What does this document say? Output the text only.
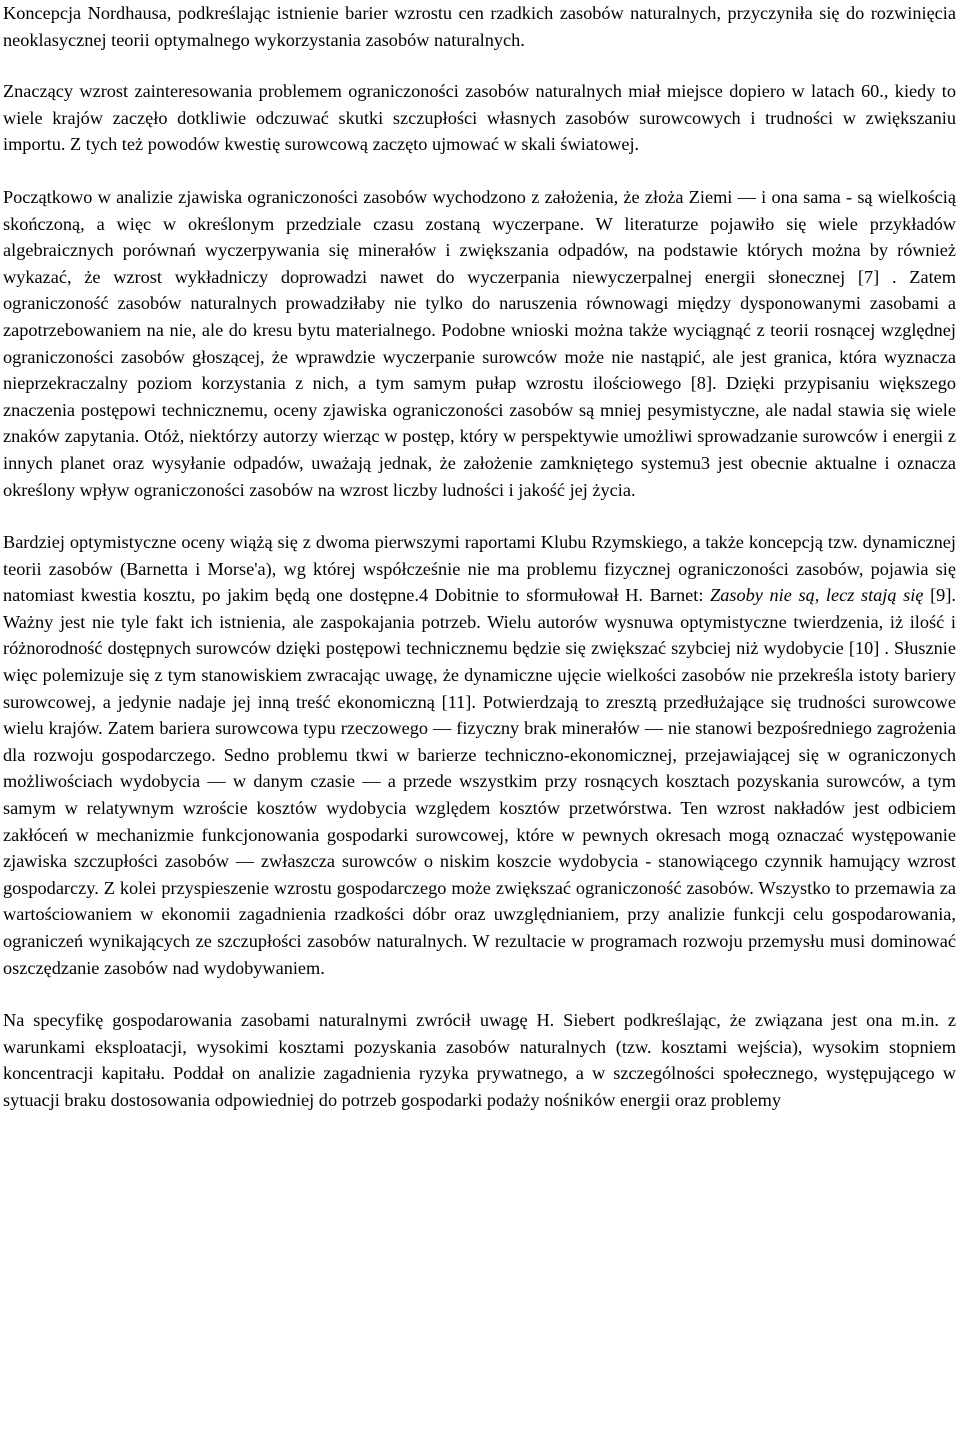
Koncepcja Nordhausa, podkreślając istnienie barier wzrostu cen rzadkich zasobów naturalnych, przyczyniła się do rozwinięcia neoklasycznej teorii optymalnego wykorzystania zasobów naturalnych.

Znaczący wzrost zainteresowania problemem ograniczoności zasobów naturalnych miał miejsce dopiero w latach 60., kiedy to wiele krajów zaczęło dotkliwie odczuwać skutki szczupłości własnych zasobów surowcowych i trudności w zwiększaniu importu. Z tych też powodów kwestię surowcową zaczęto ujmować w skali światowej.

Początkowo w analizie zjawiska ograniczoności zasobów wychodzono z założenia, że złoża Ziemi — i ona sama - są wielkością skończoną, a więc w określonym przedziale czasu zostaną wyczerpane. W literaturze pojawiło się wiele przykładów algebraicznych porównań wyczerpywania się minerałów i zwiększania odpadów, na podstawie których można by również wykazać, że wzrost wykładniczy doprowadzi nawet do wyczerpania niewyczerpalnej energii słonecznej [7] . Zatem ograniczoność zasobów naturalnych prowadziłaby nie tylko do naruszenia równowagi między dysponowanymi zasobami a zapotrzebowaniem na nie, ale do kresu bytu materialnego. Podobne wnioski można także wyciągnąć z teorii rosnącej względnej ograniczoności zasobów głoszącej, że wprawdzie wyczerpanie surowców może nie nastąpić, ale jest granica, która wyznacza nieprzekraczalny poziom korzystania z nich, a tym samym pułap wzrostu ilościowego [8]. Dzięki przypisaniu większego znaczenia postępowi technicznemu, oceny zjawiska ograniczoności zasobów są mniej pesymistyczne, ale nadal stawia się wiele znaków zapytania. Otóż, niektórzy autorzy wierząc w postęp, który w perspektywie umożliwi sprowadzanie surowców i energii z innych planet oraz wysyłanie odpadów, uważają jednak, że założenie zamkniętego systemu3 jest obecnie aktualne i oznacza określony wpływ ograniczoności zasobów na wzrost liczby ludności i jakość jej życia.

Bardziej optymistyczne oceny wiążą się z dwoma pierwszymi raportami Klubu Rzymskiego, a także koncepcją tzw. dynamicznej teorii zasobów (Barnetta i Morse'a), wg której współcześnie nie ma problemu fizycznej ograniczoności zasobów, pojawia się natomiast kwestia kosztu, po jakim będą one dostępne.4 Dobitnie to sformułował H. Barnet: Zasoby nie są, lecz stają się [9]. Ważny jest nie tyle fakt ich istnienia, ale zaspokajania potrzeb. Wielu autorów wysnuwa optymistyczne twierdzenia, iż ilość i różnorodność dostępnych surowców dzięki postępowi technicznemu będzie się zwiększać szybciej niż wydobycie [10] . Słusznie więc polemizuje się z tym stanowiskiem zwracając uwagę, że dynamiczne ujęcie wielkości zasobów nie przekreśla istoty bariery surowcowej, a jedynie nadaje jej inną treść ekonomiczną [11]. Potwierdzają to zresztą przedłużające się trudności surowcowe wielu krajów. Zatem bariera surowcowa typu rzeczowego — fizyczny brak minerałów — nie stanowi bezpośredniego zagrożenia dla rozwoju gospodarczego. Sedno problemu tkwi w barierze techniczno-ekonomicznej, przejawiającej się w ograniczonych możliwościach wydobycia — w danym czasie — a przede wszystkim przy rosnących kosztach pozyskania surowców, a tym samym w relatywnym wzroście kosztów wydobycia względem kosztów przetwórstwa. Ten wzrost nakładów jest odbiciem zakłóceń w mechanizmie funkcjonowania gospodarki surowcowej, które w pewnych okresach mogą oznaczać występowanie zjawiska szczupłości zasobów — zwłaszcza surowców o niskim koszcie wydobycia - stanowiącego czynnik hamujący wzrost gospodarczy. Z kolei przyspieszenie wzrostu gospodarczego może zwiększać ograniczoność zasobów. Wszystko to przemawia za wartościowaniem w ekonomii zagadnienia rzadkości dóbr oraz uwzględnianiem, przy analizie funkcji celu gospodarowania, ograniczeń wynikających ze szczupłości zasobów naturalnych. W rezultacie w programach rozwoju przemysłu musi dominować oszczędzanie zasobów nad wydobywaniem.

Na specyfikę gospodarowania zasobami naturalnymi zwrócił uwagę H. Siebert podkreślając, że związana jest ona m.in. z warunkami eksploatacji, wysokimi kosztami pozyskania zasobów naturalnych (tzw. kosztami wejścia), wysokim stopniem koncentracji kapitału. Poddał on analizie zagadnienia ryzyka prywatnego, a w szczególności społecznego, występującego w sytuacji braku dostosowania odpowiedniej do potrzeb gospodarki podaży nośników energii oraz problemy
